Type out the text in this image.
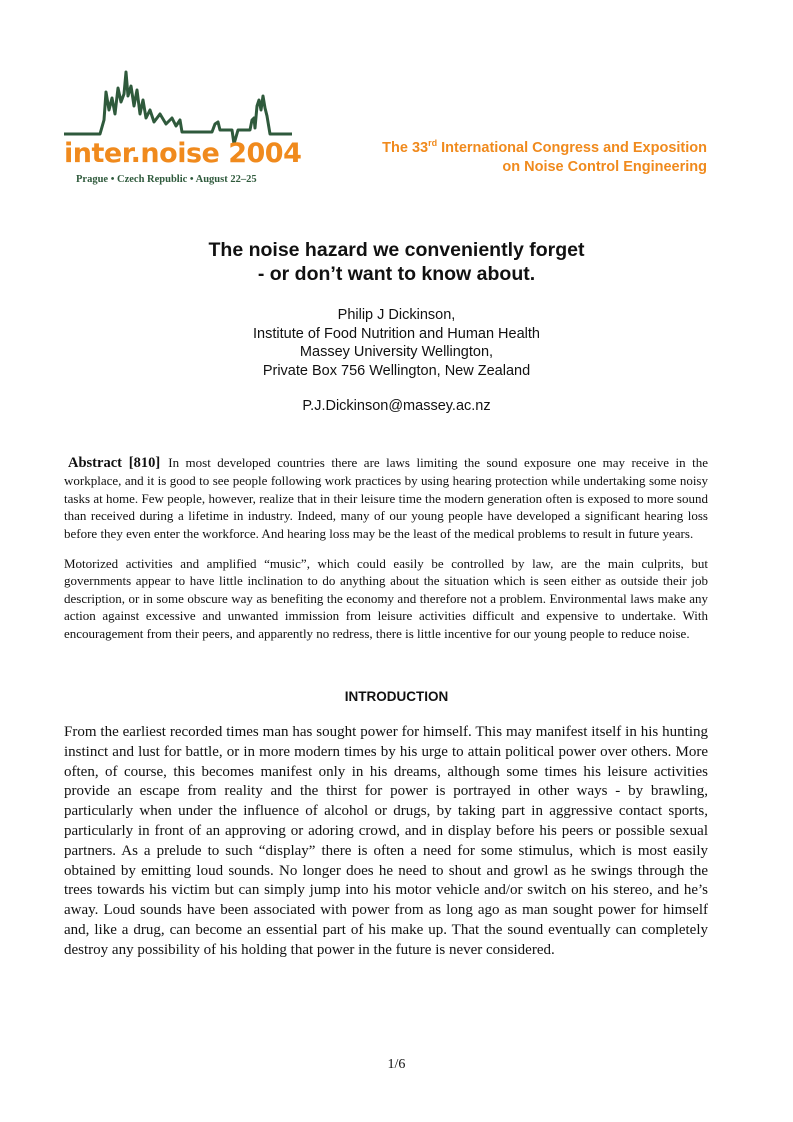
inter.noise 2004
Prague • Czech Republic • August 22–25
The 33rd International Congress and Exposition
on Noise Control Engineering
The noise hazard we conveniently forget
- or don’t want to know about.
Philip J Dickinson,
Institute of Food Nutrition and Human Health
Massey University Wellington,
Private Box 756 Wellington, New Zealand
P.J.Dickinson@massey.ac.nz

Abstract [810] In most developed countries there are laws limiting the sound exposure one may receive in the workplace, and it is good to see people following work practices by using hearing protection while undertaking some noisy tasks at home. Few people, however, realize that in their leisure time the modern generation often is exposed to more sound than received during a lifetime in industry. Indeed, many of our young people have developed a significant hearing loss before they even enter the workforce. And hearing loss may be the least of the medical problems to result in future years.

Motorized activities and amplified “music”, which could easily be controlled by law, are the main culprits, but governments appear to have little inclination to do anything about the situation which is seen either as outside their job description, or in some obscure way as benefiting the economy and therefore not a problem. Environmental laws make any action against excessive and unwanted immission from leisure activities difficult and expensive to undertake. With encouragement from their peers, and apparently no redress, there is little incentive for our young people to reduce noise.

INTRODUCTION

From the earliest recorded times man has sought power for himself. This may manifest itself in his hunting instinct and lust for battle, or in more modern times by his urge to attain political power over others. More often, of course, this becomes manifest only in his dreams, although some times his leisure activities provide an escape from reality and the thirst for power is portrayed in other ways - by brawling, particularly when under the influence of alcohol or drugs, by taking part in aggressive contact sports, particularly in front of an approving or adoring crowd, and in display before his peers or possible sexual partners. As a prelude to such “display” there is often a need for some stimulus, which is most easily obtained by emitting loud sounds. No longer does he need to shout and growl as he swings through the trees towards his victim but can simply jump into his motor vehicle and/or switch on his stereo, and he’s away. Loud sounds have been associated with power from as long ago as man sought power for himself and, like a drug, can become an essential part of his make up. That the sound eventually can completely destroy any possibility of his holding that power in the future is never considered.

1/6
